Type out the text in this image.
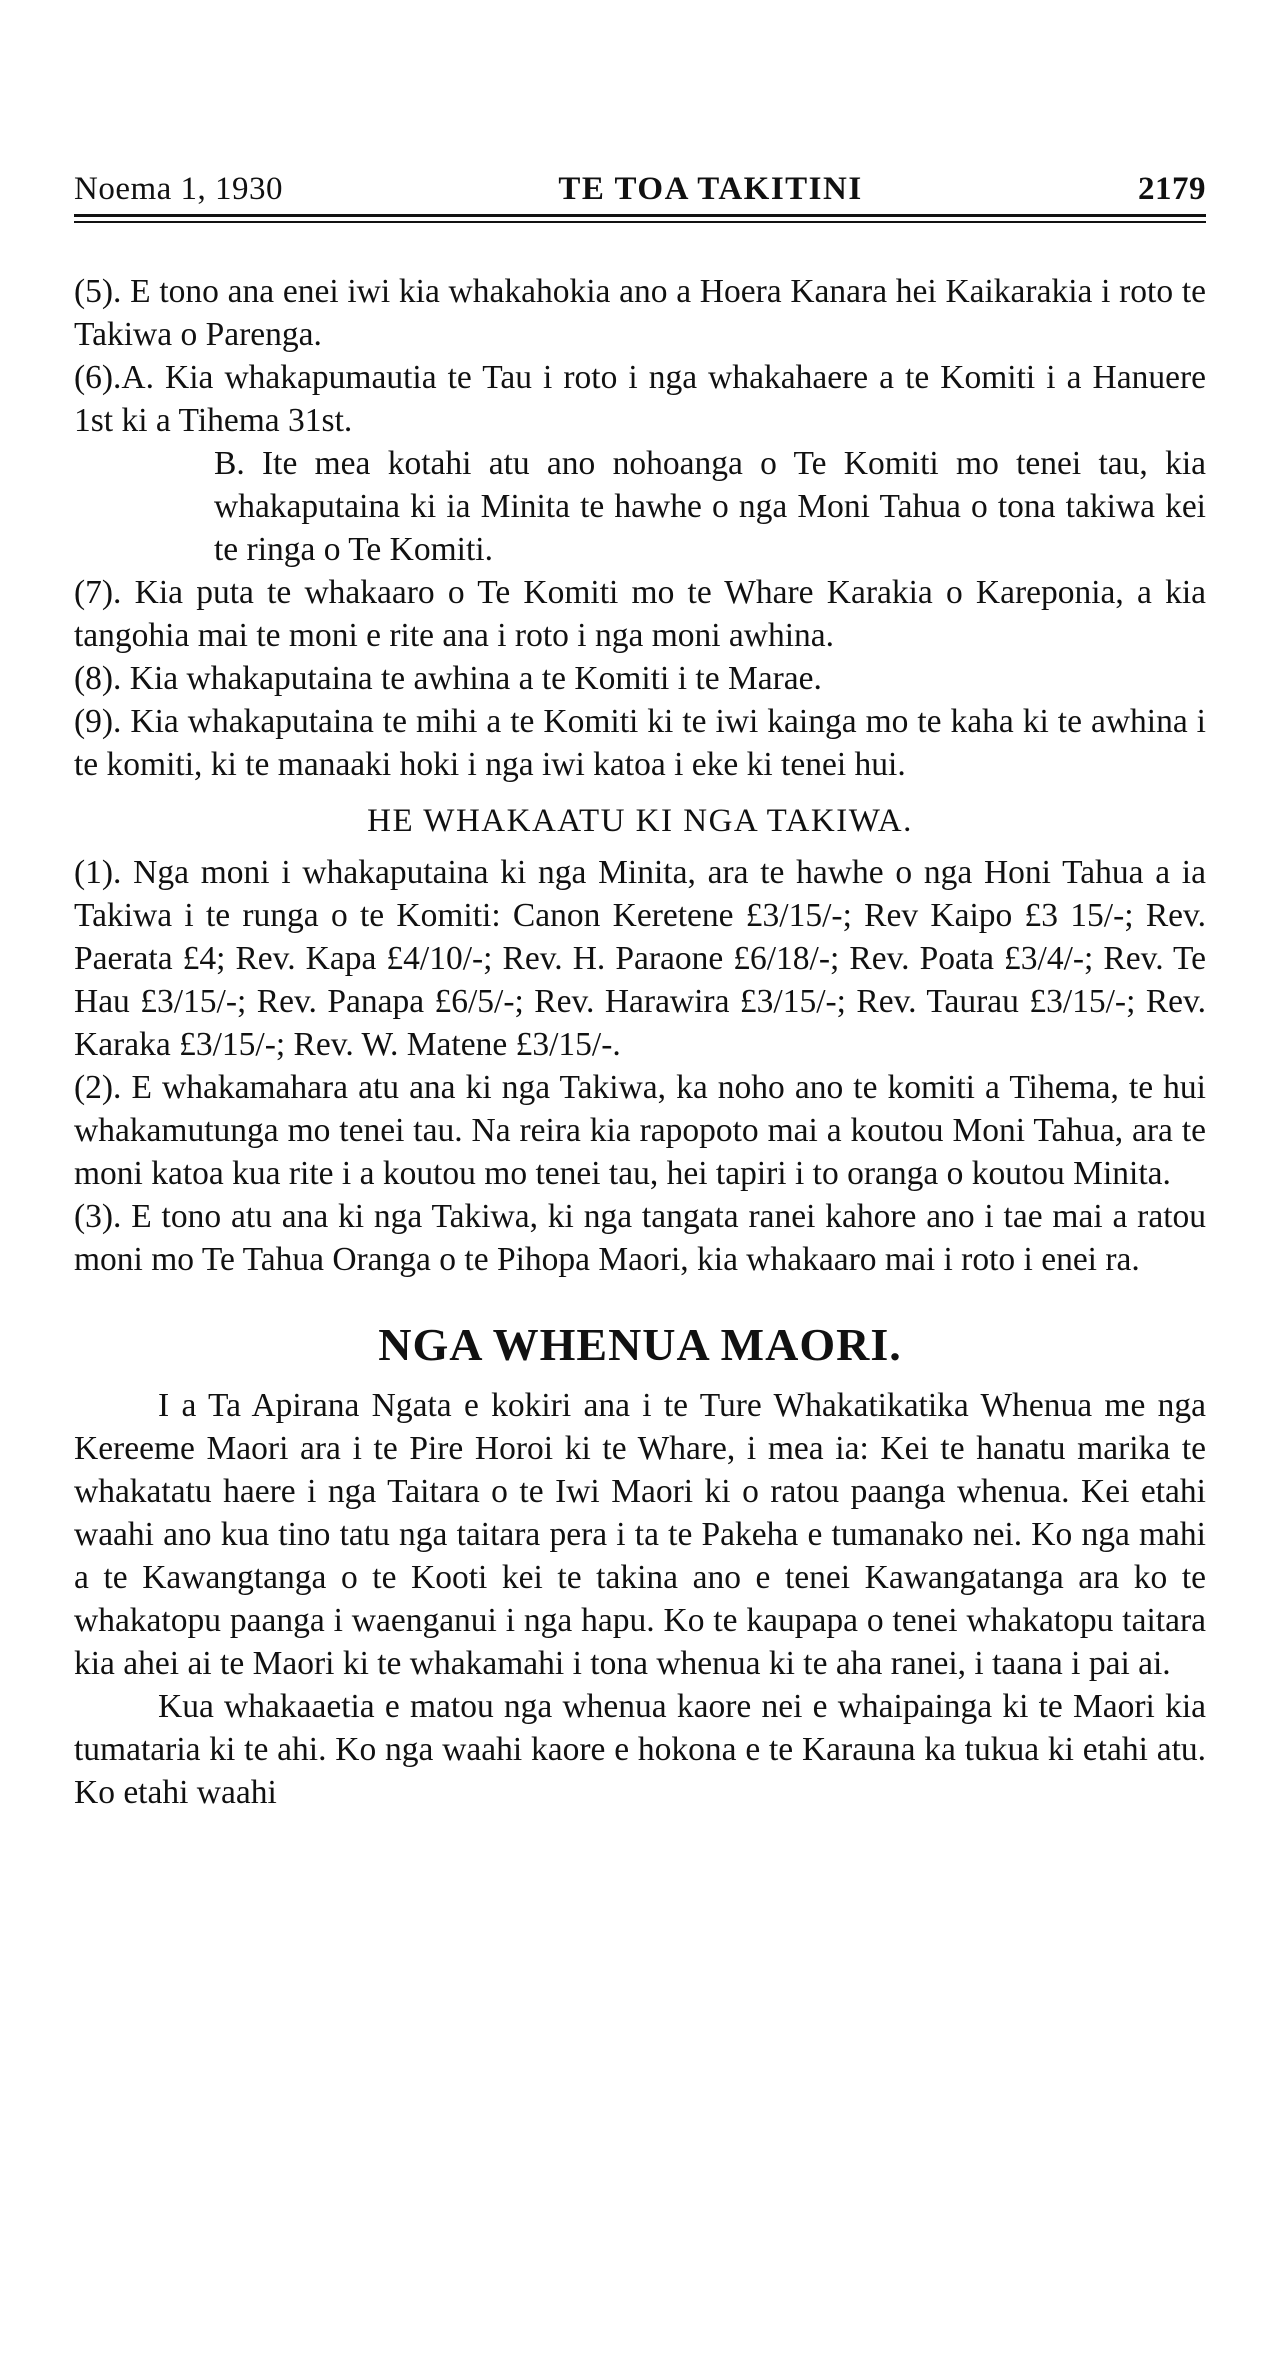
Noema 1, 1930	TE TOA TAKITINI	2179

(5). E tono ana enei iwi kia whakahokia ano a Hoera Kanara hei Kaikarakia i roto te Takiwa o Parenga.

(6).A. Kia whakapumautia te Tau i roto i nga whakahaere a te Komiti i a Hanuere 1st ki a Tihema 31st.

B. Ite mea kotahi atu ano nohoanga o Te Komiti mo tenei tau, kia whakaputaina ki ia Minita te hawhe o nga Moni Tahua o tona takiwa kei te ringa o Te Komiti.

(7). Kia puta te whakaaro o Te Komiti mo te Whare Karakia o Kareponia, a kia tangohia mai te moni e rite ana i roto i nga moni awhina.

(8). Kia whakaputaina te awhina a te Komiti i te Marae.

(9). Kia whakaputaina te mihi a te Komiti ki te iwi kainga mo te kaha ki te awhina i te komiti, ki te manaaki hoki i nga iwi katoa i eke ki tenei hui.

HE WHAKAATU KI NGA TAKIWA.

(1). Nga moni i whakaputaina ki nga Minita, ara te hawhe o nga Honi Tahua a ia Takiwa i te runga o te Komiti: Canon Keretene £3/15/-; Rev Kaipo £3 15/-; Rev. Paerata £4; Rev. Kapa £4/10/-; Rev. H. Paraone £6/18/-; Rev. Poata £3/4/-; Rev. Te Hau £3/15/-; Rev. Panapa £6/5/-; Rev. Harawira £3/15/-; Rev. Taurau £3/15/-; Rev. Karaka £3/15/-; Rev. W. Matene £3/15/-.

(2). E whakamahara atu ana ki nga Takiwa, ka noho ano te komiti a Tihema, te hui whakamutunga mo tenei tau. Na reira kia rapopoto mai a koutou Moni Tahua, ara te moni katoa kua rite i a koutou mo tenei tau, hei tapiri i to oranga o koutou Minita.

(3). E tono atu ana ki nga Takiwa, ki nga tangata ranei kahore ano i tae mai a ratou moni mo Te Tahua Oranga o te Pihopa Maori, kia whakaaro mai i roto i enei ra.

NGA WHENUA MAORI.

I a Ta Apirana Ngata e kokiri ana i te Ture Whakatikatika Whenua me nga Kereeme Maori ara i te Pire Horoi ki te Whare, i mea ia: Kei te hanatu marika te whakatatu haere i nga Taitara o te Iwi Maori ki o ratou paanga whenua. Kei etahi waahi ano kua tino tatu nga taitara pera i ta te Pakeha e tumanako nei. Ko nga mahi a te Kawangtanga o te Kooti kei te takina ano e tenei Kawangatanga ara ko te whakatopu paanga i waenganui i nga hapu. Ko te kaupapa o tenei whakatopu taitara kia ahei ai te Maori ki te whakamahi i tona whenua ki te aha ranei, i taana i pai ai.

Kua whakaaetia e matou nga whenua kaore nei e whaipainga ki te Maori kia tumataria ki te ahi. Ko nga waahi kaore e hokona e te Karauna ka tukua ki etahi atu. Ko etahi waahi
